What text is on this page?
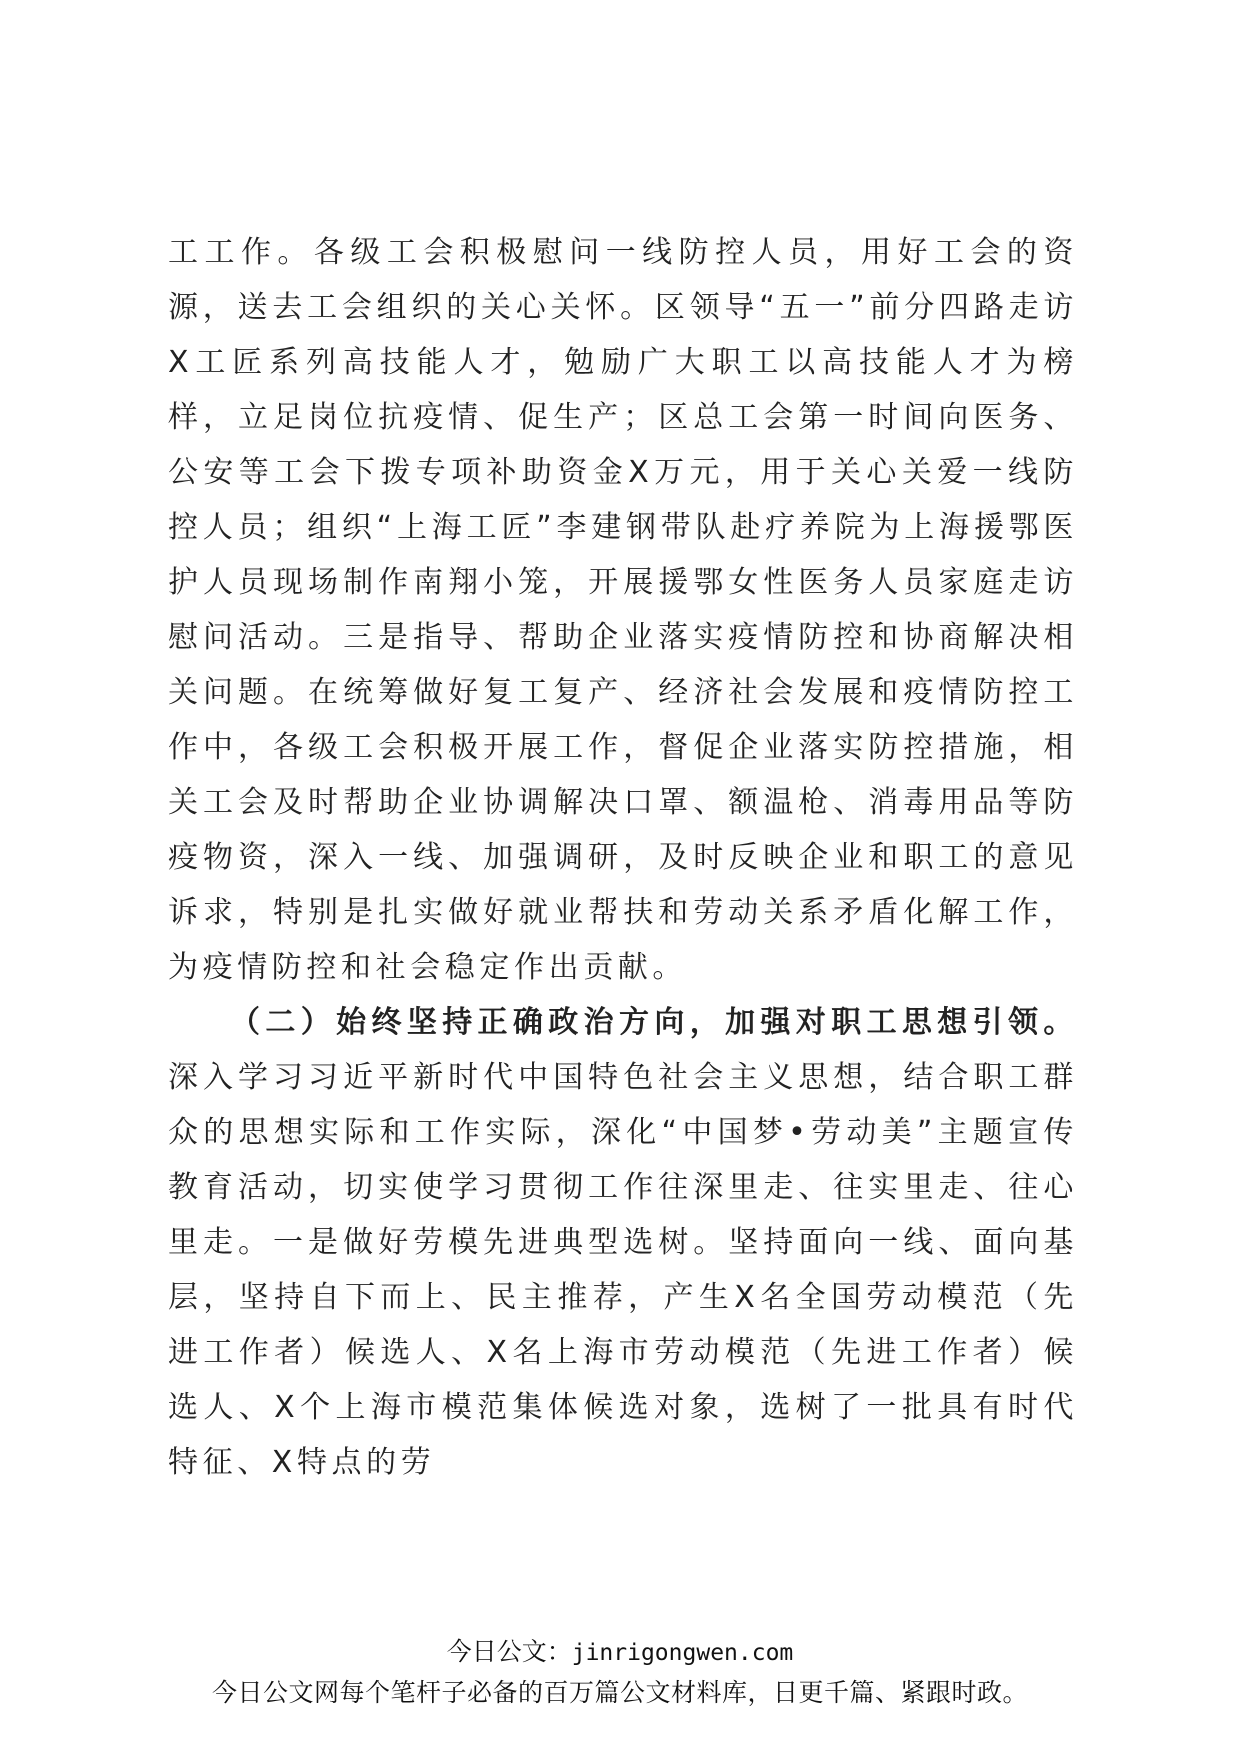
工工作。各级工会积极慰问一线防控人员，用好工会的资源，送去工会组织的关心关怀。区领导“五一”前分四路走访X工匠系列高技能人才，勉励广大职工以高技能人才为榜样，立足岗位抗疫情、促生产；区总工会第一时间向医务、公安等工会下拨专项补助资金X万元，用于关心关爱一线防控人员；组织“上海工匠”李建钢带队赴疗养院为上海援鄂医护人员现场制作南翔小笼，开展援鄂女性医务人员家庭走访慰问活动。三是指导、帮助企业落实疫情防控和协商解决相关问题。在统筹做好复工复产、经济社会发展和疫情防控工作中，各级工会积极开展工作，督促企业落实防控措施，相关工会及时帮助企业协调解决口罩、额温枪、消毒用品等防疫物资，深入一线、加强调研，及时反映企业和职工的意见诉求，特别是扎实做好就业帮扶和劳动关系矛盾化解工作，为疫情防控和社会稳定作出贡献。

（二）始终坚持正确政治方向，加强对职工思想引领。深入学习习近平新时代中国特色社会主义思想，结合职工群众的思想实际和工作实际，深化“中国梦•劳动美”主题宣传教育活动，切实使学习贯彻工作往深里走、往实里走、往心里走。一是做好劳模先进典型选树。坚持面向一线、面向基层，坚持自下而上、民主推荐，产生X名全国劳动模范（先进工作者）候选人、X名上海市劳动模范（先进工作者）候选人、X个上海市模范集体候选对象，选树了一批具有时代特征、X特点的劳

今日公文：jinrigongwen.com
今日公文网每个笔杆子必备的百万篇公文材料库，日更千篇、紧跟时政。
